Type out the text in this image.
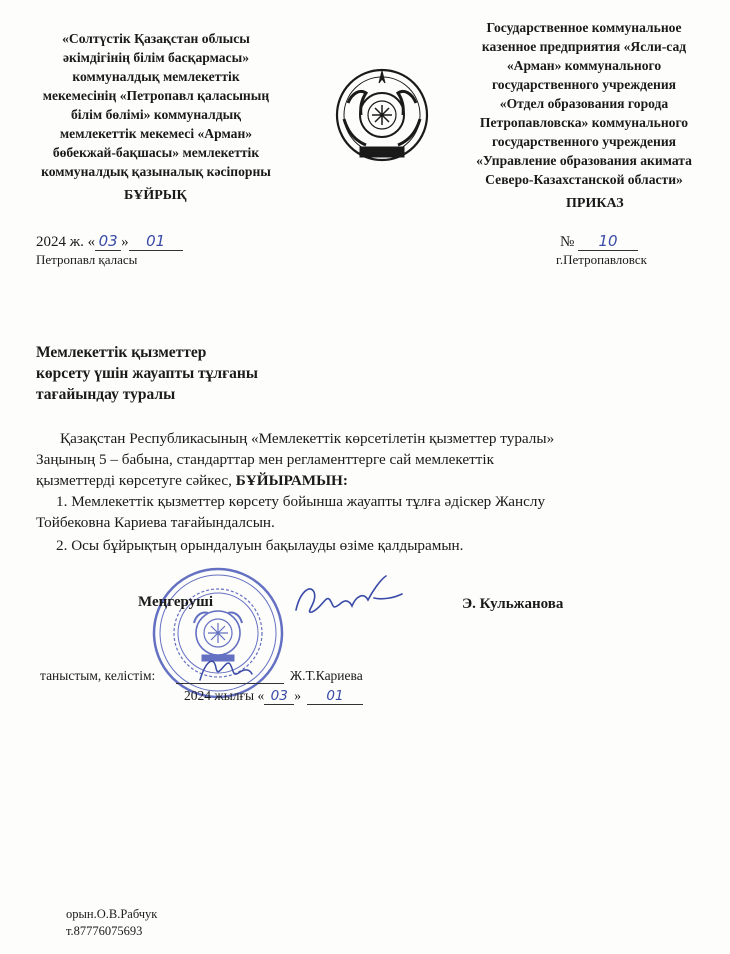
«Солтүстік Қазақстан облысы
әкімдігінің білім басқармасы»
коммуналдық мемлекеттік
мекемесінің «Петропавл қаласының
білім бөлімі» коммуналдық
мемлекеттік мекемесі «Арман»
бөбекжай-бақшасы» мемлекеттік
коммуналдық қазыналық кәсіпорны
Государственное коммунальное
казенное предприятия «Ясли-сад
«Арман» коммунального
государственного учреждения
«Отдел образования города
Петропавловска» коммунального
государственного учреждения
«Управление образования акимата
Северо-Казахстанской области»
БҰЙРЫҚ
ПРИКАЗ
2024 ж. « 03 » 01
Петропавл қаласы
№ 10
г.Петропавловск
Мемлекеттік қызметтер
көрсету үшін жауапты тұлғаны
тағайындау туралы
Қазақстан Республикасының «Мемлекеттік көрсетілетін қызметтер туралы»
Заңының 5 – бабына, стандарттар мен регламенттерге сай мемлекеттік
қызметтерді көрсетуге сәйкес, БҰЙЫРАМЫН:
1. Мемлекеттік қызметтер көрсету бойынша жауапты тұлға әдіскер Жанслу
Тойбековна Кариева тағайындалсын.
2. Осы бұйрықтың орындалуын бақылауды өзіме қалдырамын.
Меңгеруші	Э. Кульжанова
таныстым, келістім:	Ж.Т.Кариева
2024 жылғы « 03 » 01
орын.О.В.Рабчук
т.87776075693
